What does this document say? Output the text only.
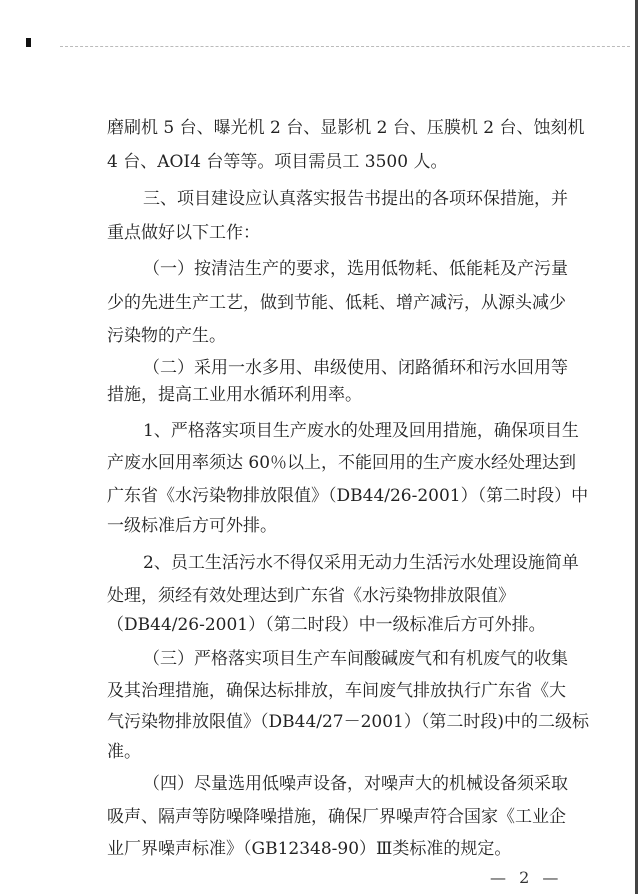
磨刷机 5 台、曝光机 2 台、显影机 2 台、压膜机 2 台、蚀刻机
4 台、AOI4 台等等。项目需员工 3500 人。
三、项目建设应认真落实报告书提出的各项环保措施，并
重点做好以下工作：
（一）按清洁生产的要求，选用低物耗、低能耗及产污量
少的先进生产工艺，做到节能、低耗、增产减污，从源头减少
污染物的产生。
（二）采用一水多用、串级使用、闭路循环和污水回用等
措施，提高工业用水循环利用率。
1、严格落实项目生产废水的处理及回用措施，确保项目生
产废水回用率须达 60％以上，不能回用的生产废水经处理达到
广东省《水污染物排放限值》（DB44/26-2001）（第二时段）中
一级标准后方可外排。
2、员工生活污水不得仅采用无动力生活污水处理设施简单
处理，须经有效处理达到广东省《水污染物排放限值》
（DB44/26-2001）（第二时段）中一级标准后方可外排。
（三）严格落实项目生产车间酸碱废气和有机废气的收集
及其治理措施，确保达标排放，车间废气排放执行广东省《大
气污染物排放限值》（DB44/27－2001）（第二时段)中的二级标
准。
（四）尽量选用低噪声设备，对噪声大的机械设备须采取
吸声、隔声等防噪降噪措施，确保厂界噪声符合国家《工业企
业厂界噪声标准》（GB12348-90）Ⅲ类标准的规定。
— 2 —
